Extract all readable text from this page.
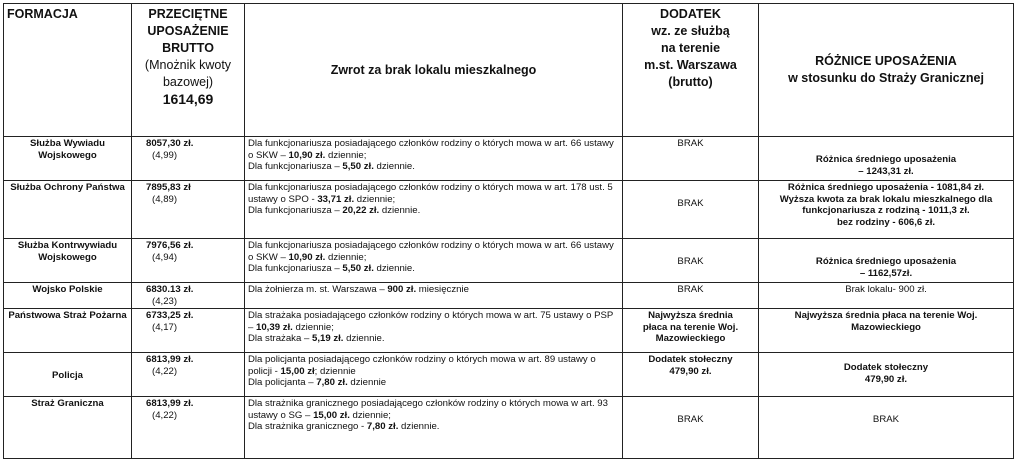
FORMACJA	PRZECIĘTNE
UPOSAŻENIE
BRUTTO
(Mnożnik kwoty bazowej)
1614,69	Zwrot za brak lokalu mieszkalnego	DODATEK
wz. ze służbą
na terenie
m.st. Warszawa
(brutto)	RÓŻNICE UPOSAŻENIA
w stosunku do Straży Granicznej

Służba Wywiadu Wojskowego	8057,30 zł.
(4,99)	Dla funkcjonariusza posiadającego członków rodziny o których mowa w art. 66 ustawy o SKW – 10,90 zł. dziennie;
Dla funkcjonariusza – 5,50 zł. dziennie.	BRAK	Różnica średniego uposażenia
– 1243,31 zł.

Służba Ochrony Państwa	7895,83 zł
(4,89)	Dla funkcjonariusza posiadającego członków rodziny o których mowa w art. 178 ust. 5 ustawy o SPO - 33,71 zł. dziennie;
Dla funkcjonariusza – 20,22 zł. dziennie.	BRAK	Różnica średniego uposażenia - 1081,84 zł.
Wyższa kwota za brak lokalu mieszkalnego dla funkcjonariusza z rodziną - 1011,3 zł.
bez rodziny - 606,6 zł.

Służba Kontrwywiadu Wojskowego	7976,56 zł.
(4,94)	Dla funkcjonariusza posiadającego członków rodziny o których mowa w art. 66 ustawy o SKW – 10,90 zł. dziennie;
Dla funkcjonariusza – 5,50 zł. dziennie.	BRAK	Różnica średniego uposażenia
– 1162,57zł.

Wojsko Polskie	6830.13 zł.
(4,23)	Dla żołnierza m. st. Warszawa – 900 zł. miesięcznie	BRAK	Brak lokalu- 900 zł.
Państwowa Straż Pożarna	6733,25 zł.
(4,17)	Dla strażaka posiadającego członków rodziny o których mowa w art. 75 ustawy o PSP – 10,39 zł. dziennie;
Dla strażaka – 5,19 zł. dziennie.	Najwyższa średnia
płaca na terenie Woj.
Mazowieckiego	Najwyższa średnia płaca na terenie Woj.
Mazowieckiego

Policja	6813,99 zł.
(4,22)	Dla policjanta posiadającego członków rodziny o których mowa w art. 89 ustawy o policji - 15,00 zł; dziennie
Dla policjanta – 7,80 zł. dziennie	Dodatek stołeczny
479,90 zł.	Dodatek stołeczny
479,90 zł.

Straż Graniczna	6813,99 zł.
(4,22)	Dla strażnika granicznego posiadającego członków rodziny o których mowa w art. 93 ustawy o SG – 15,00 zł. dziennie;
Dla strażnika granicznego - 7,80 zł. dziennie.	BRAK	BRAK
